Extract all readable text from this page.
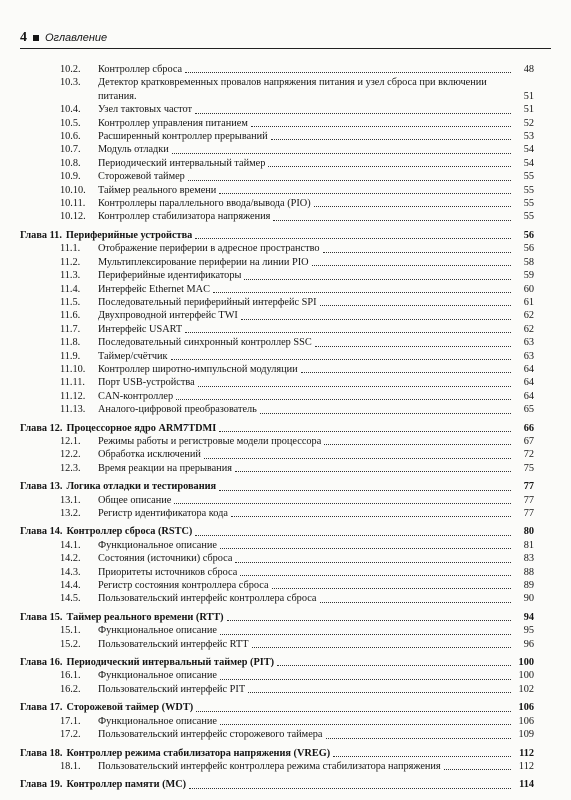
4 Оглавление
10.2.	Контроллер сброса	48
10.3.	Детектор кратковременных провалов напряжения питания и узел сброса при включении питания.	51
10.4.	Узел тактовых частот	51
10.5.	Контроллер управления питанием	52
10.6.	Расширенный контроллер прерываний	53
10.7.	Модуль отладки	54
10.8.	Периодический интервальный таймер	54
10.9.	Сторожевой таймер	55
10.10.	Таймер реального времени	55
10.11.	Контроллеры параллельного ввода/вывода (PIO)	55
10.12.	Контроллер стабилизатора напряжения	55
Глава 11. Периферийные устройства	56
11.1.	Отображение периферии в адресное пространство	56
11.2.	Мультиплексирование периферии на линии PIO	58
11.3.	Периферийные идентификаторы	59
11.4.	Интерфейс Ethernet MAC	60
11.5.	Последовательный периферийный интерфейс SPI	61
11.6.	Двухпроводной интерфейс TWI	62
11.7.	Интерфейс USART	62
11.8.	Последовательный синхронный контроллер SSC	63
11.9.	Таймер/счётчик	63
11.10.	Контроллер широтно-импульсной модуляции	64
11.11.	Порт USB-устройства	64
11.12.	CAN-контроллер	64
11.13.	Аналого-цифровой преобразователь	65
Глава 12. Процессорное ядро ARM7TDMI	66
12.1.	Режимы работы и регистровые модели процессора	67
12.2.	Обработка исключений	72
12.3.	Время реакции на прерывания	75
Глава 13. Логика отладки и тестирования	77
13.1.	Общее описание	77
13.2.	Регистр идентификатора кода	77
Глава 14. Контроллер сброса (RSTC)	80
14.1.	Функциональное описание	81
14.2.	Состояния (источники) сброса	83
14.3.	Приоритеты источников сброса	88
14.4.	Регистр состояния контроллера сброса	89
14.5.	Пользовательский интерфейс контроллера сброса	90
Глава 15. Таймер реального времени (RTT)	94
15.1.	Функциональное описание	95
15.2.	Пользовательский интерфейс RTT	96
Глава 16. Периодический интервальный таймер (PIT)	100
16.1.	Функциональное описание	100
16.2.	Пользовательский интерфейс PIT	102
Глава 17. Сторожевой таймер (WDT)	106
17.1.	Функциональное описание	106
17.2.	Пользовательский интерфейс сторожевого таймера	109
Глава 18. Контроллер режима стабилизатора напряжения (VREG)	112
18.1.	Пользовательский интерфейс контроллера режима стабилизатора напряжения	112
Глава 19. Контроллер памяти (MC)	114
